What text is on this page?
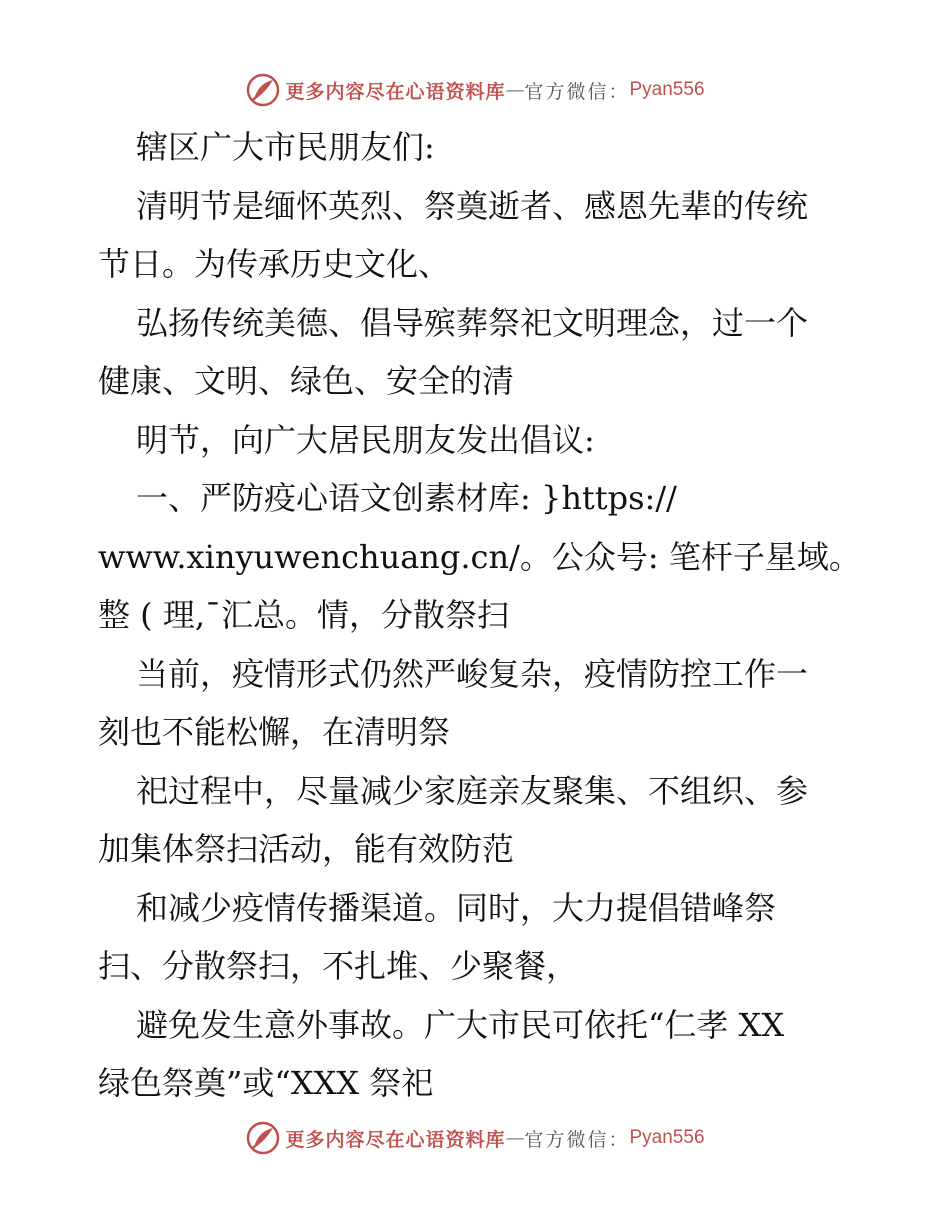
更多内容尽在心语资料库 — 官方微信： Pyan556
辖区广大市民朋友们:
清明节是缅怀英烈、祭奠逝者、感恩先辈的传统
节日。为传承历史文化、
弘扬传统美德、倡导殡葬祭祀文明理念，过一个
健康、文明、绿色、安全的清
明节，向广大居民朋友发出倡议:
一、严防疫心语文创素材库: }https://
www.xinyuwenchuang.cn/。公众号: 笔杆子星域。
整 ( 理,¯汇总。情，分散祭扫
当前，疫情形式仍然严峻复杂，疫情防控工作一
刻也不能松懈，在清明祭
祀过程中，尽量减少家庭亲友聚集、不组织、参
加集体祭扫活动，能有效防范
和减少疫情传播渠道。同时，大力提倡错峰祭
扫、分散祭扫，不扎堆、少聚餐，
避免发生意外事故。广大市民可依托“仁孝 XX
绿色祭奠”或“XXX 祭祀
更多内容尽在心语资料库 — 官方微信： Pyan556
